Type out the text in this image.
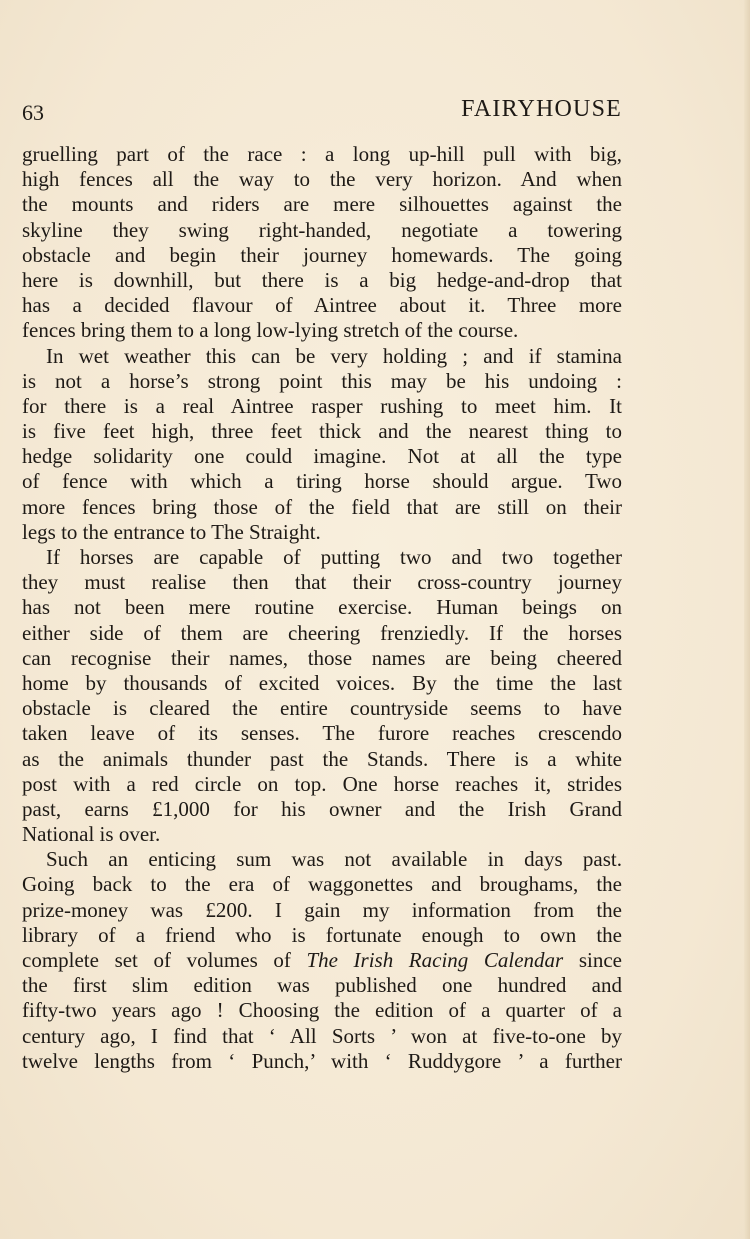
63	FAIRYHOUSE
gruelling part of the race : a long up-hill pull with big,
high fences all the way to the very horizon. And when
the mounts and riders are mere silhouettes against the
skyline they swing right-handed, negotiate a towering
obstacle and begin their journey homewards. The going
here is downhill, but there is a big hedge-and-drop that
has a decided flavour of Aintree about it. Three more
fences bring them to a long low-lying stretch of the course.
In wet weather this can be very holding ; and if stamina
is not a horse’s strong point this may be his undoing :
for there is a real Aintree rasper rushing to meet him. It
is five feet high, three feet thick and the nearest thing to
hedge solidarity one could imagine. Not at all the type
of fence with which a tiring horse should argue. Two
more fences bring those of the field that are still on their
legs to the entrance to The Straight.
If horses are capable of putting two and two together
they must realise then that their cross-country journey
has not been mere routine exercise. Human beings on
either side of them are cheering frenziedly. If the horses
can recognise their names, those names are being cheered
home by thousands of excited voices. By the time the last
obstacle is cleared the entire countryside seems to have
taken leave of its senses. The furore reaches crescendo
as the animals thunder past the Stands. There is a white
post with a red circle on top. One horse reaches it, strides
past, earns £1,000 for his owner and the Irish Grand
National is over.
Such an enticing sum was not available in days past.
Going back to the era of waggonettes and broughams, the
prize-money was £200. I gain my information from the
library of a friend who is fortunate enough to own the
complete set of volumes of The Irish Racing Calendar since
the first slim edition was published one hundred and
fifty-two years ago ! Choosing the edition of a quarter of a
century ago, I find that ‘ All Sorts ’ won at five-to-one by
twelve lengths from ‘ Punch,’ with ‘ Ruddygore ’ a further
